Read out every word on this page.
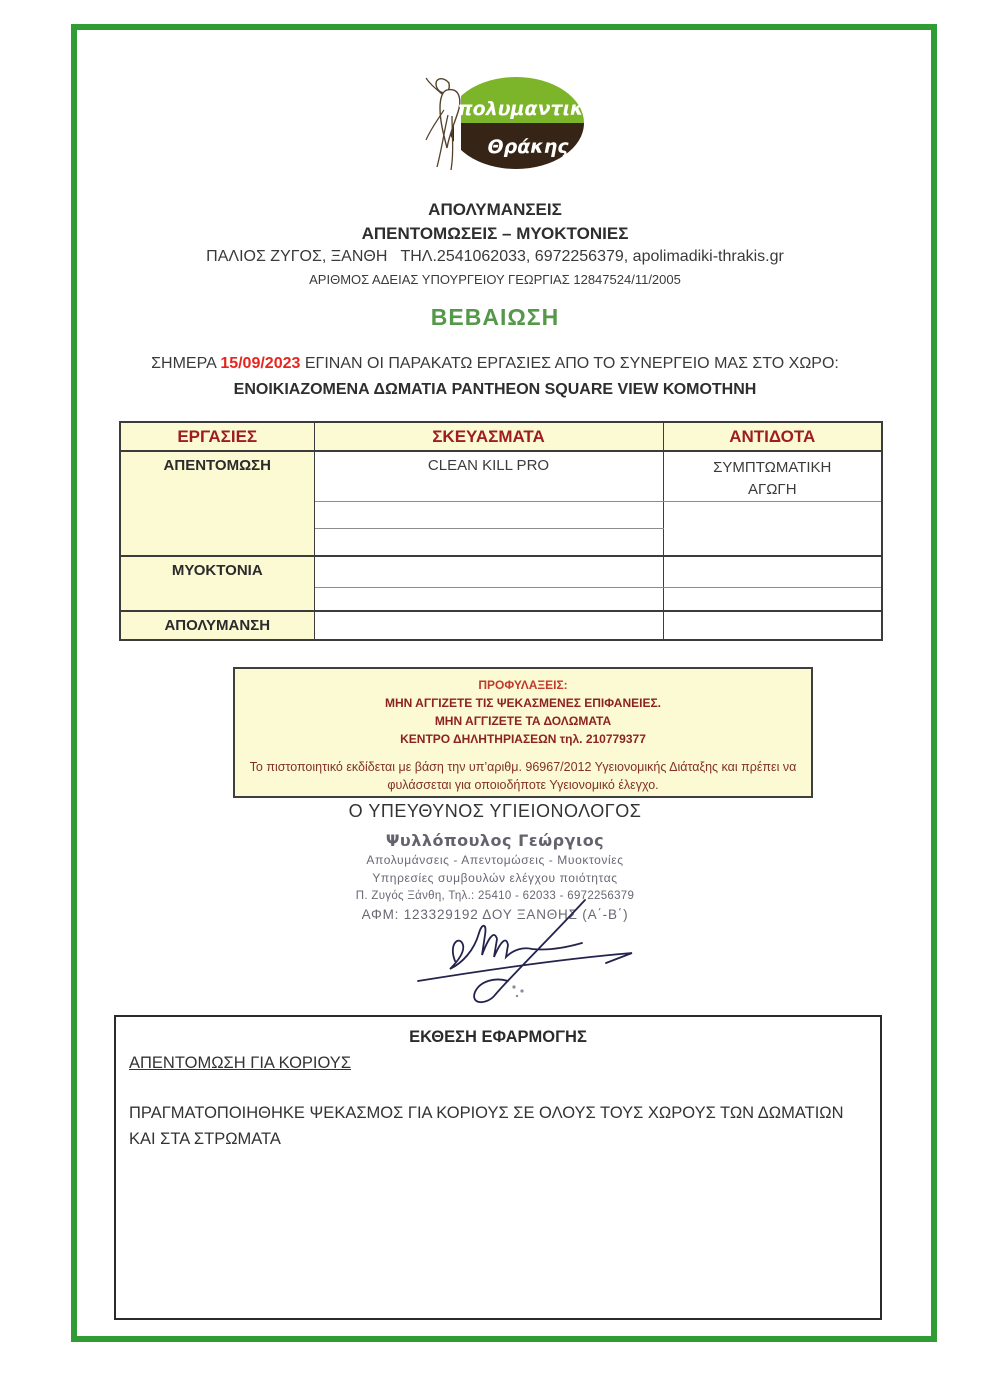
Απολυμαντική
Θράκης
ΑΠΟΛΥΜΑΝΣΕΙΣ
ΑΠΕΝΤΟΜΩΣΕΙΣ – ΜΥΟΚΤΟΝΙΕΣ
ΠΑΛΙΟΣ ΖΥΓΟΣ, ΞΑΝΘΗ   ΤΗΛ.2541062033, 6972256379, apolimadiki-thrakis.gr
ΑΡΙΘΜΟΣ ΑΔΕΙΑΣ ΥΠΟΥΡΓΕΙΟΥ ΓΕΩΡΓΙΑΣ 12847524/11/2005
ΒΕΒΑΙΩΣΗ
ΣΗΜΕΡΑ 15/09/2023 ΕΓΙΝΑΝ ΟΙ ΠΑΡΑΚΑΤΩ ΕΡΓΑΣΙΕΣ ΑΠΟ ΤΟ ΣΥΝΕΡΓΕΙΟ ΜΑΣ ΣΤΟ ΧΩΡΟ:
ΕΝΟΙΚΙΑΖΟΜΕΝΑ ΔΩΜΑΤΙΑ PANTHEON SQUARE VIEW ΚΟΜΟΤΗΝΗ
ΕΡΓΑΣΙΕΣ	ΣΚΕΥΑΣΜΑΤΑ	ΑΝΤΙΔΟΤΑ
ΑΠΕΝΤΟΜΩΣΗ	CLEAN KILL PRO	ΣΥΜΠΤΩΜΑΤΙΚΗ ΑΓΩΓΗ

ΜΥΟΚΤΟΝΙΑ		

ΑΠΟΛΥΜΑΝΣΗ		
ΠΡΟΦΥΛΑΞΕΙΣ:
ΜΗΝ ΑΓΓΙΖΕΤΕ ΤΙΣ ΨΕΚΑΣΜΕΝΕΣ ΕΠΙΦΑΝΕΙΕΣ.
ΜΗΝ ΑΓΓΙΖΕΤΕ ΤΑ ΔΟΛΩΜΑΤΑ
ΚΕΝΤΡΟ ΔΗΛΗΤΗΡΙΑΣΕΩΝ τηλ. 210779377
Το πιστοποιητικό εκδίδεται με βάση την υπ’αριθμ. 96967/2012 Υγειονομικής Διάταξης και πρέπει να φυλάσσεται για οποιοδήποτε Υγειονομικό έλεγχο.
Ο ΥΠΕΥΘΥΝΟΣ ΥΓΙΕΙΟΝΟΛΟΓΟΣ
Ψυλλόπουλος Γεώργιος
Απολυμάνσεις - Απεντομώσεις - Μυοκτονίες
Υπηρεσίες συμβουλών ελέγχου ποιότητας
Π. Ζυγός Ξάνθη, Τηλ.: 25410 - 62033 - 6972256379
ΑΦΜ: 123329192 ΔΟΥ ΞΑΝΘΗΣ (Α΄-Β΄)
ΕΚΘΕΣΗ ΕΦΑΡΜΟΓΗΣ
ΑΠΕΝΤΟΜΩΣΗ ΓΙΑ ΚΟΡΙΟΥΣ
ΠΡΑΓΜΑΤΟΠΟΙΗΘΗΚΕ ΨΕΚΑΣΜΟΣ ΓΙΑ ΚΟΡΙΟΥΣ ΣΕ ΟΛΟΥΣ ΤΟΥΣ ΧΩΡΟΥΣ ΤΩΝ ΔΩΜΑΤΙΩΝ ΚΑΙ ΣΤΑ ΣΤΡΩΜΑΤΑ
